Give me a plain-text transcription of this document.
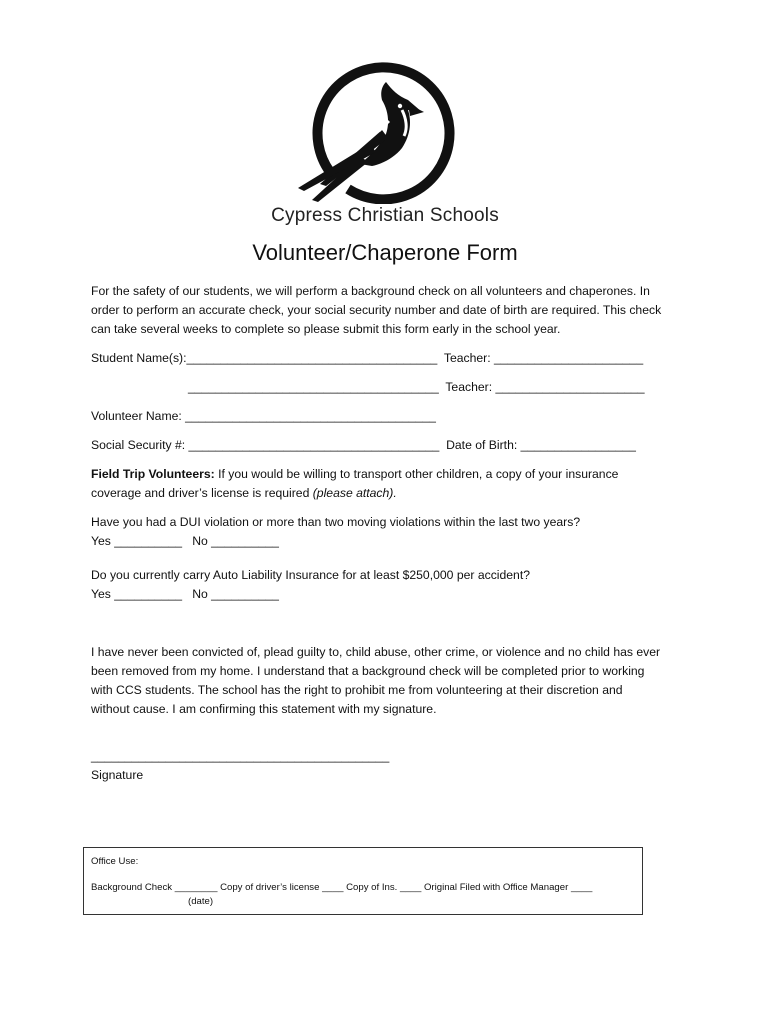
Cypress Christian Schools
Volunteer/Chaperone Form
For the safety of our students, we will perform a background check on all volunteers and chaperones. In
order to perform an accurate check, your social security number and date of birth are required. This check
can take several weeks to complete so please submit this form early in the school year.
Student Name(s):_____________________________________  Teacher: ______________________
_____________________________________  Teacher: ______________________
Volunteer Name: _____________________________________
Social Security #: _____________________________________  Date of Birth: _________________
Field Trip Volunteers: If you would be willing to transport other children, a copy of your insurance
coverage and driver’s license is required (please attach).
Have you had a DUI violation or more than two moving violations within the last two years?
Yes __________   No __________
Do you currently carry Auto Liability Insurance for at least $250,000 per accident?
Yes __________   No __________
I have never been convicted of, plead guilty to, child abuse, other crime, or violence and no child has ever
been removed from my home. I understand that a background check will be completed prior to working
with CCS students. The school has the right to prohibit me from volunteering at their discretion and
without cause. I am confirming this statement with my signature.
____________________________________________
Signature
Office Use:
Background Check ________ Copy of driver’s license ____ Copy of Ins. ____ Original Filed with Office Manager ____
(date)
